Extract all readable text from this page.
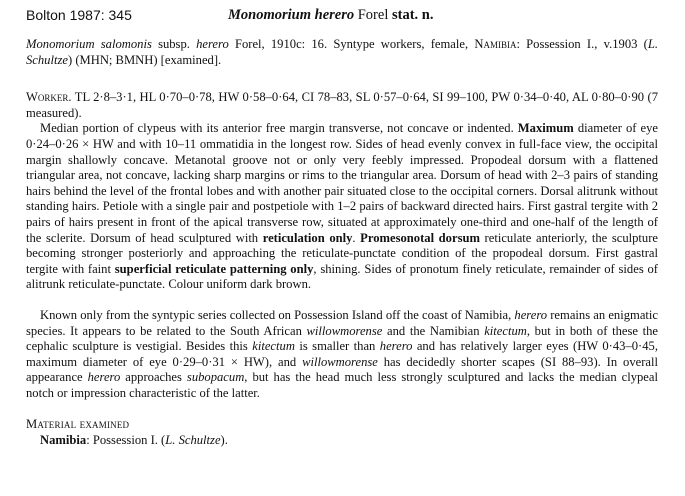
Bolton 1987: 345	Monomorium herero Forel stat. n.

Monomorium salomonis subsp. herero Forel, 1910c: 16. Syntype workers, female, Namibia: Possession I., v.1903 (L. Schultze) (MHN; BMNH) [examined].

Worker. TL 2·8–3·1, HL 0·70–0·78, HW 0·58–0·64, CI 78–83, SL 0·57–0·64, SI 99–100, PW 0·34–0·40, AL 0·80–0·90 (7 measured).

Median portion of clypeus with its anterior free margin transverse, not concave or indented. Maximum diameter of eye 0·24–0·26 × HW and with 10–11 ommatidia in the longest row. Sides of head evenly convex in full-face view, the occipital margin shallowly concave. Metanotal groove not or only very feebly impressed. Propodeal dorsum with a flattened triangular area, not concave, lacking sharp margins or rims to the triangular area. Dorsum of head with 2–3 pairs of standing hairs behind the level of the frontal lobes and with another pair situated close to the occipital corners. Dorsal alitrunk without standing hairs. Petiole with a single pair and postpetiole with 1–2 pairs of backward directed hairs. First gastral tergite with 2 pairs of hairs present in front of the apical transverse row, situated at approximately one-third and one-half of the length of the sclerite. Dorsum of head sculptured with reticulation only. Promesonotal dorsum reticulate anteriorly, the sculpture becoming stronger posteriorly and approaching the reticulate-punctate condition of the propodeal dorsum. First gastral tergite with faint superficial reticulate patterning only, shining. Sides of pronotum finely reticulate, remainder of sides of alitrunk reticulate-punctate. Colour uniform dark brown.

Known only from the syntypic series collected on Possession Island off the coast of Namibia, herero remains an enigmatic species. It appears to be related to the South African willowmorense and the Namibian kitectum, but in both of these the cephalic sculpture is vestigial. Besides this kitectum is smaller than herero and has relatively larger eyes (HW 0·43–0·45, maximum diameter of eye 0·29–0·31 × HW), and willowmorense has decidedly shorter scapes (SI 88–93). In overall appearance herero approaches subopacum, but has the head much less strongly sculptured and lacks the median clypeal notch or impression characteristic of the latter.

Material examined

Namibia: Possession I. (L. Schultze).
